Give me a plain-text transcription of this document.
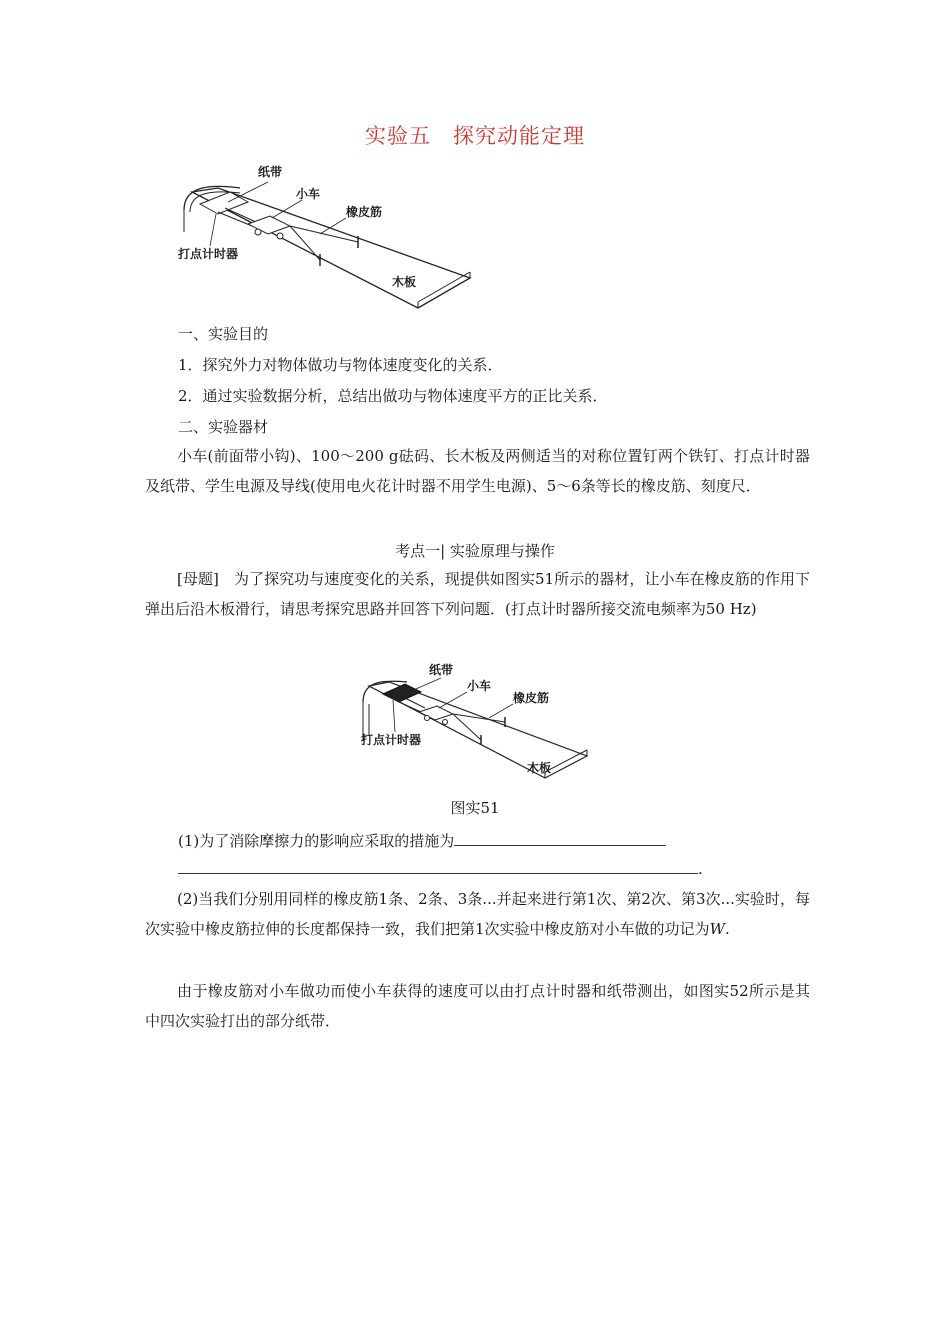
实验五　探究动能定理
纸带
小车
橡皮筋
打点计时器
木板
一、实验目的
1．探究外力对物体做功与物体速度变化的关系．
2．通过实验数据分析，总结出做功与物体速度平方的正比关系．
二、实验器材
小车(前面带小钩)、100～200 g砝码、长木板及两侧适当的对称位置钉两个铁钉、打点计时器及纸带、学生电源及导线(使用电火花计时器不用学生电源)、5～6条等长的橡皮筋、刻度尺．
考点一| 实验原理与操作
[母题]　为了探究功与速度变化的关系，现提供如图实51所示的器材，让小车在橡皮筋的作用下弹出后沿木板滑行，请思考探究思路并回答下列问题．(打点计时器所接交流电频率为50 Hz)
纸带
小车
橡皮筋
打点计时器
木板
图实51
(1)为了消除摩擦力的影响应采取的措施为
.
(2)当我们分别用同样的橡皮筋1条、2条、3条...并起来进行第1次、第2次、第3次...实验时，每次实验中橡皮筋拉伸的长度都保持一致，我们把第1次实验中橡皮筋对小车做的功记为W.
由于橡皮筋对小车做功而使小车获得的速度可以由打点计时器和纸带测出，如图实52所示是其中四次实验打出的部分纸带．
